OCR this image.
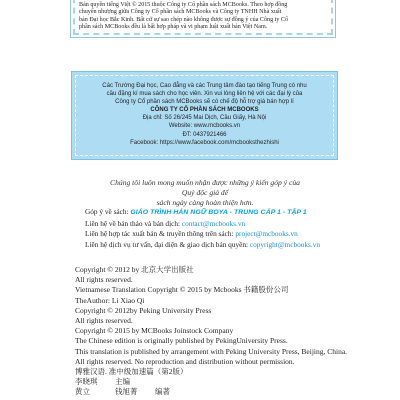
Bản quyền tiếng Việt © 2015 thuộc Công ty Cổ phần sách MCBooks. Theo hợp đồng
chuyển nhượng giữa Công ty Cổ phần sách MCBooks và Công ty TNHH Nhà xuất
bản Đại học Bắc Kinh. Bất cứ sự sao chép nào không được sự đồng ý của Công ty Cổ
phần sách MCBooks đều là bất hợp pháp và vi phạm luật xuất bản Việt Nam.
Các Trường Đại học, Cao đẳng và các Trung tâm đào tạo tiếng Trung có nhu
cầu đặng kí mua sách cho học viên. Xin vui lòng liên hệ với các đại lý của
Công ty Cổ phần sách MCBooks sẽ có chế độ hỗ trợ giá bán hợp lí
CÔNG TY CỔ PHẦN SÁCH MCBOOKS
Địa chỉ: Số 26/245 Mai Dịch, Cầu Giấy, Hà Nội
Website: www.mcbooks.vn
ĐT: 0437921466
Facebook: https://www.facebook.com/mcbooksthezhishi
Chúng tôi luôn mong muốn nhận được những ý kiến góp ý của Quý độc giả để
sách ngày càng hoàn thiện hơn.
Góp ý về sách: GIÁO TRÌNH HÁN NGỮ BOYA - TRUNG CẤP 1 - TẬP 1
Liên hệ về bản thảo và bản dịch: contact@mcbooks.vn
Liên hệ hợp tác xuất bản & truyền thông trên sách: project@mcbooks.vn
Liên hệ dịch vụ tư vấn, đại diện & giao dịch bản quyền: copyright@mcbooks.vn
Copyright © 2012 by 北京大学出版社
All rights reserved.
Vietnamese Translation Copyright © 2015 by Mcbooks 书籍股份公司
TheAuthor: Li Xiao Qi
Copyright © 2012by Peking University Press
All rights reserved.
Copyright © 2015 by MCBooks Joinstock Company
The Chinese edition is originally published by PekingUniversity Press.
This translation is published by arrangement with Peking University Press, Beijing, China.
All rights reserved. No reproduction and distribution without permission.
博雅汉语. 准中级加速篇（第2版）
李晓琪 主编
黄立	钱旭菁 编著
